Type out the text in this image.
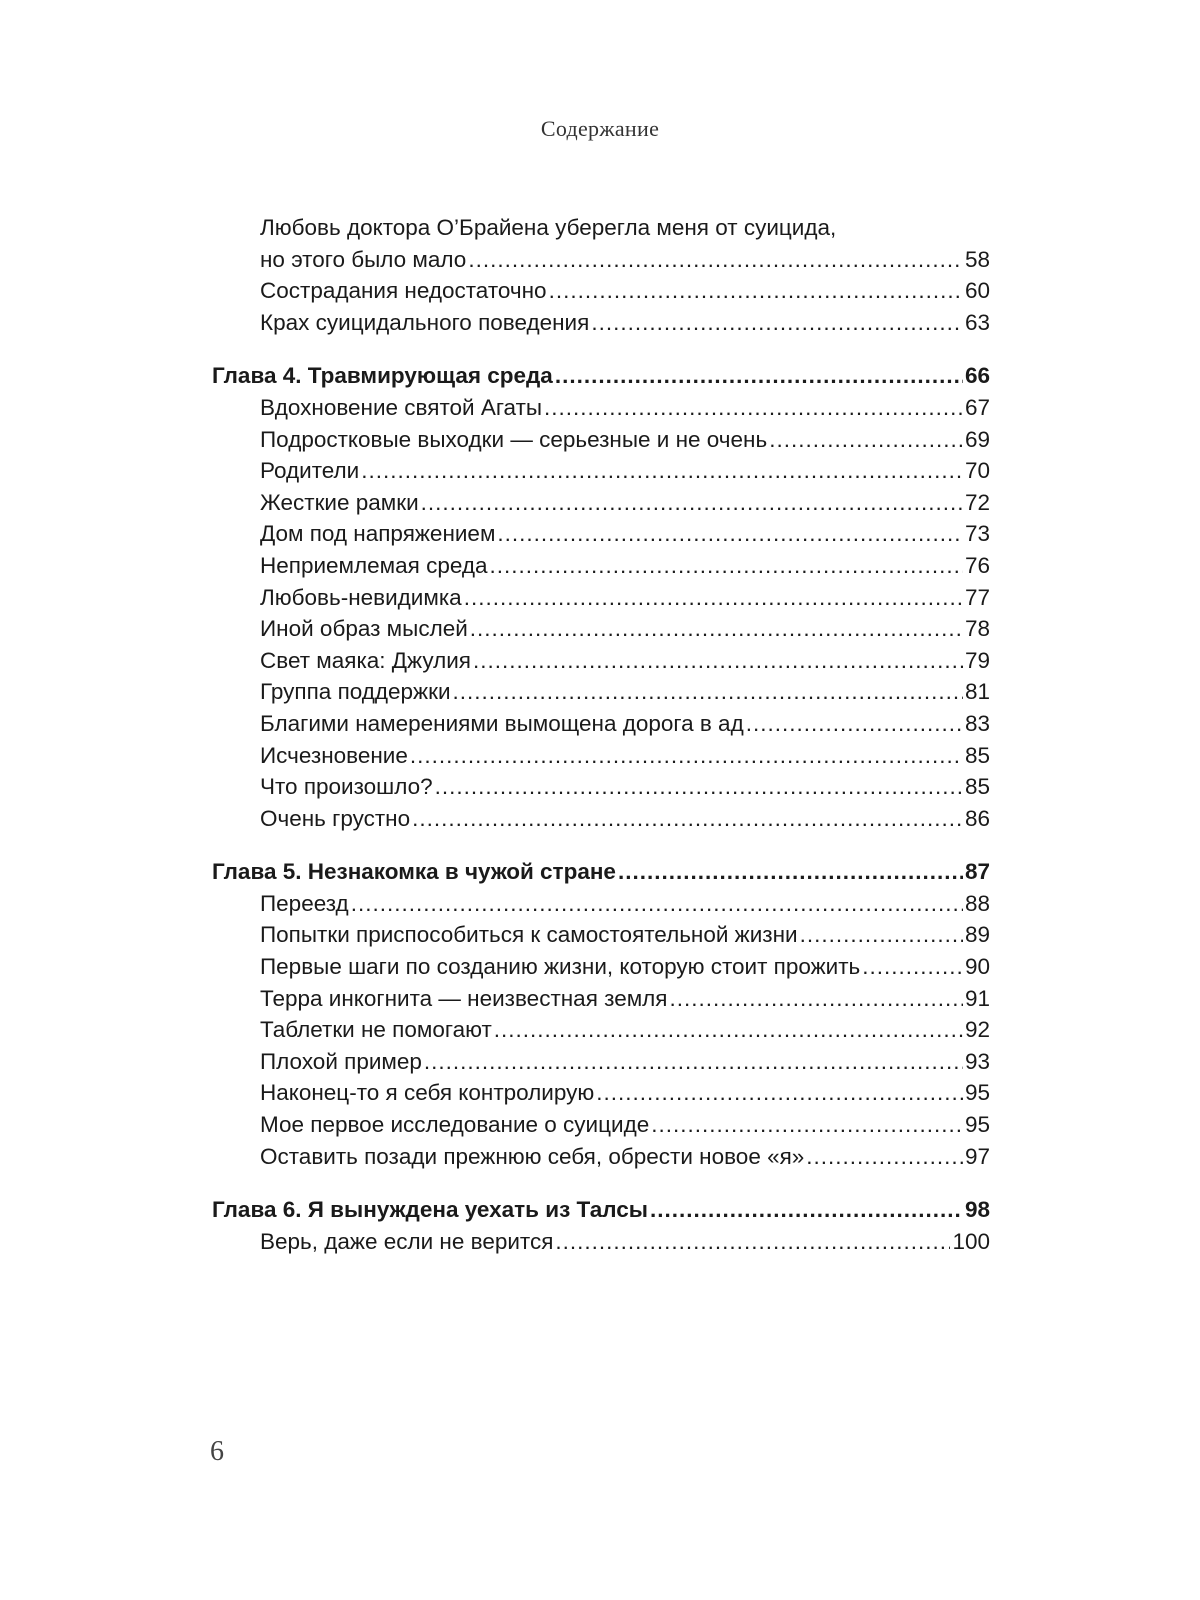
Содержание
Любовь доктора О’Брайена уберегла меня от суицида,
но этого было мало .....	58
Сострадания недостаточно .....	60
Крах суицидального поведения .....	63
Глава 4. Травмирующая среда .....	66
Вдохновение святой Агаты .....	67
Подростковые выходки — серьезные и не очень .....	69
Родители .....	70
Жесткие рамки .....	72
Дом под напряжением .....	73
Неприемлемая среда .....	76
Любовь-невидимка .....	77
Иной образ мыслей .....	78
Свет маяка: Джулия .....	79
Группа поддержки .....	81
Благими намерениями вымощена дорога в ад .....	83
Исчезновение .....	85
Что произошло? .....	85
Очень грустно .....	86
Глава 5. Незнакомка в чужой стране .....	87
Переезд .....	88
Попытки приспособиться к самостоятельной жизни .....	89
Первые шаги по созданию жизни, которую стоит прожить .....	90
Терра инкогнита — неизвестная земля .....	91
Таблетки не помогают .....	92
Плохой пример .....	93
Наконец-то я себя контролирую .....	95
Мое первое исследование о суициде .....	95
Оставить позади прежнюю себя, обрести новое «я» .....	97
Глава 6. Я вынуждена уехать из Талсы .....	98
Верь, даже если не верится .....	100
6
